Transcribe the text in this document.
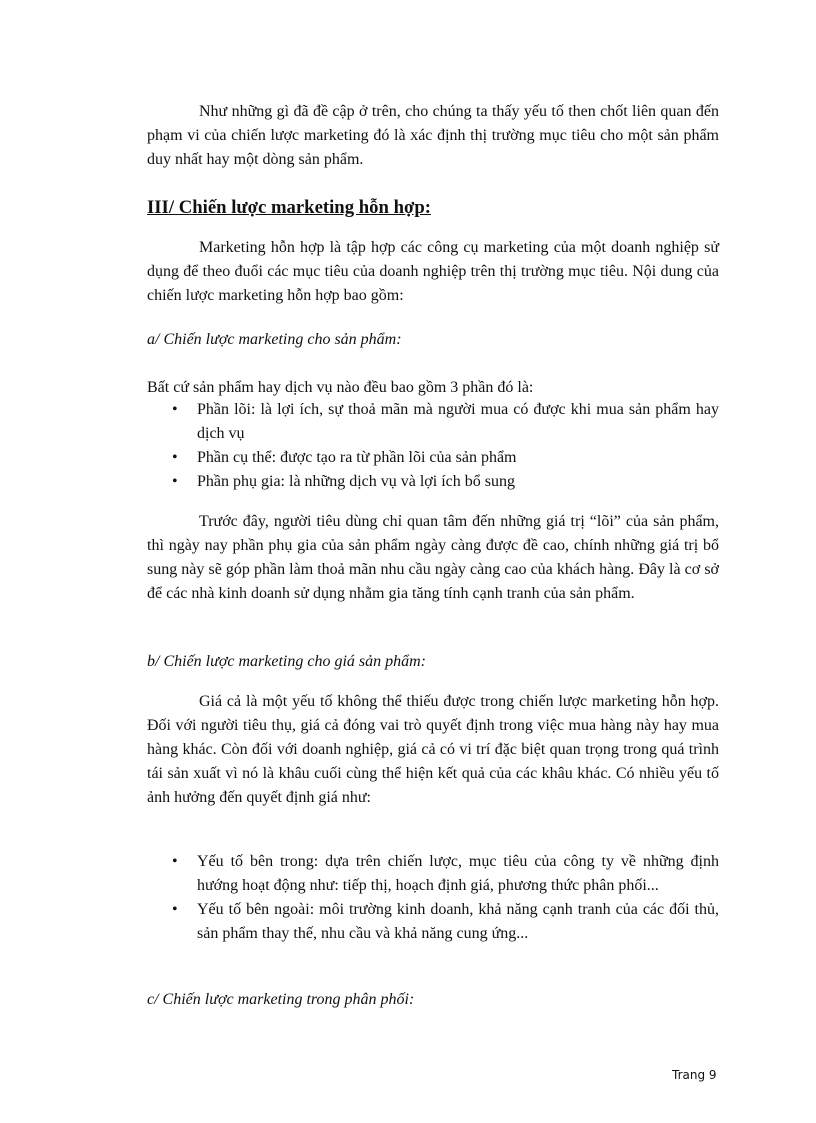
Như những gì đã đề cập ở trên, cho chúng ta thấy yếu tố then chốt liên quan đến phạm vi của chiến lược marketing đó là xác định thị trường mục tiêu cho một sản phẩm duy nhất hay một dòng sản phẩm.

III/ Chiến lược marketing hỗn hợp:

Marketing hỗn hợp là tập hợp các công cụ marketing của một doanh nghiệp sử dụng để theo đuổi các mục tiêu của doanh nghiệp trên thị trường mục tiêu. Nội dung của chiến lược marketing hỗn hợp bao gồm:

a/ Chiến lược marketing cho sản phẩm:

Bất cứ sản phẩm hay dịch vụ nào đều bao gồm 3 phần đó là:

• Phần lõi: là lợi ích, sự thoả mãn mà người mua có được khi mua sản phẩm hay dịch vụ
• Phần cụ thể: được tạo ra từ phần lõi của sản phẩm
• Phần phụ gia: là những dịch vụ và lợi ích bổ sung

Trước đây, người tiêu dùng chỉ quan tâm đến những giá trị “lõi” của sản phẩm, thì ngày nay phần phụ gia của sản phẩm ngày càng được đề cao, chính những giá trị bổ sung này sẽ góp phần làm thoả mãn nhu cầu ngày càng cao của khách hàng. Đây là cơ sở để các nhà kinh doanh sử dụng nhằm gia tăng tính cạnh tranh của sản phẩm.

b/ Chiến lược marketing cho giá sản phẩm:

Giá cả là một yếu tố không thể thiếu được trong chiến lược marketing hỗn hợp. Đối với người tiêu thụ, giá cả đóng vai trò quyết định trong việc mua hàng này hay mua hàng khác. Còn đối với doanh nghiệp, giá cả có vi trí đặc biệt quan trọng trong quá trình tái sản xuất vì nó là khâu cuối cùng thể hiện kết quả của các khâu khác. Có nhiều yếu tố ảnh hưởng đến quyết định giá như:

• Yếu tố bên trong: dựa trên chiến lược, mục tiêu của công ty về những định hướng hoạt động như: tiếp thị, hoạch định giá, phương thức phân phối...
• Yếu tố bên ngoài: môi trường kinh doanh, khả năng cạnh tranh của các đối thủ, sản phẩm thay thế, nhu cầu và khả năng cung ứng...

c/ Chiến lược marketing trong phân phối:

Trang 9
